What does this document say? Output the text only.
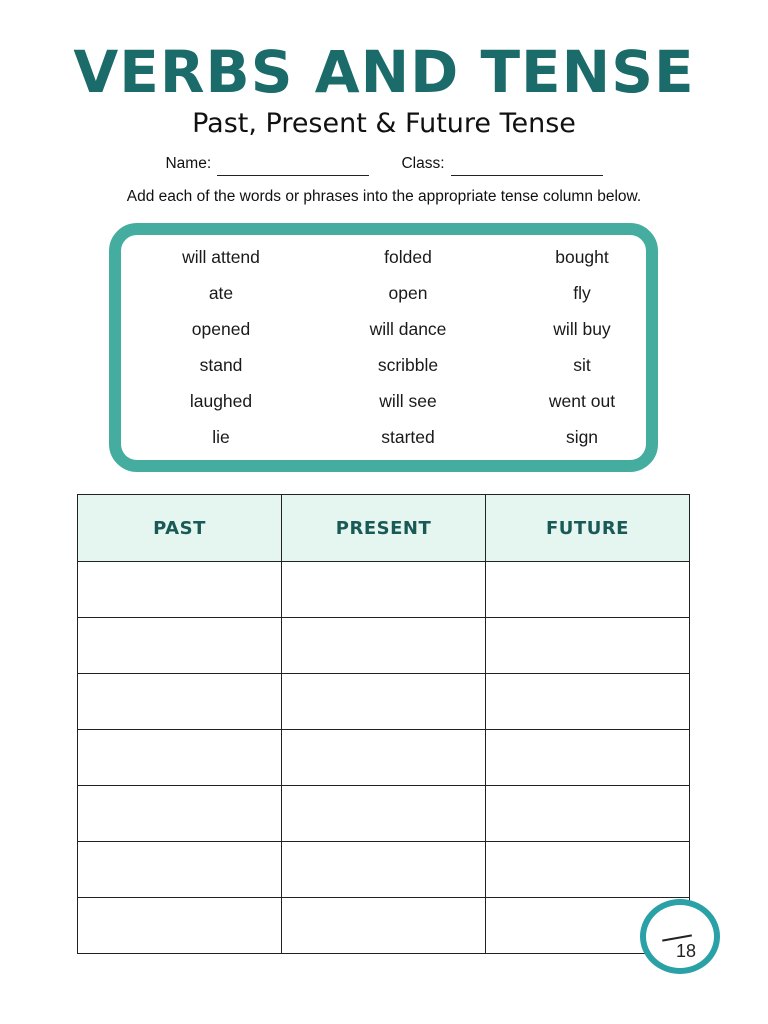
VERBS AND TENSE
Past, Present & Future Tense
Name:	Class:
Add each of the words or phrases into the appropriate tense column below.
will attend	folded	bought
ate	open	fly
opened	will dance	will buy
stand	scribble	sit
laughed	will see	went out
lie	started	sign
PAST	PRESENT	FUTURE

18
